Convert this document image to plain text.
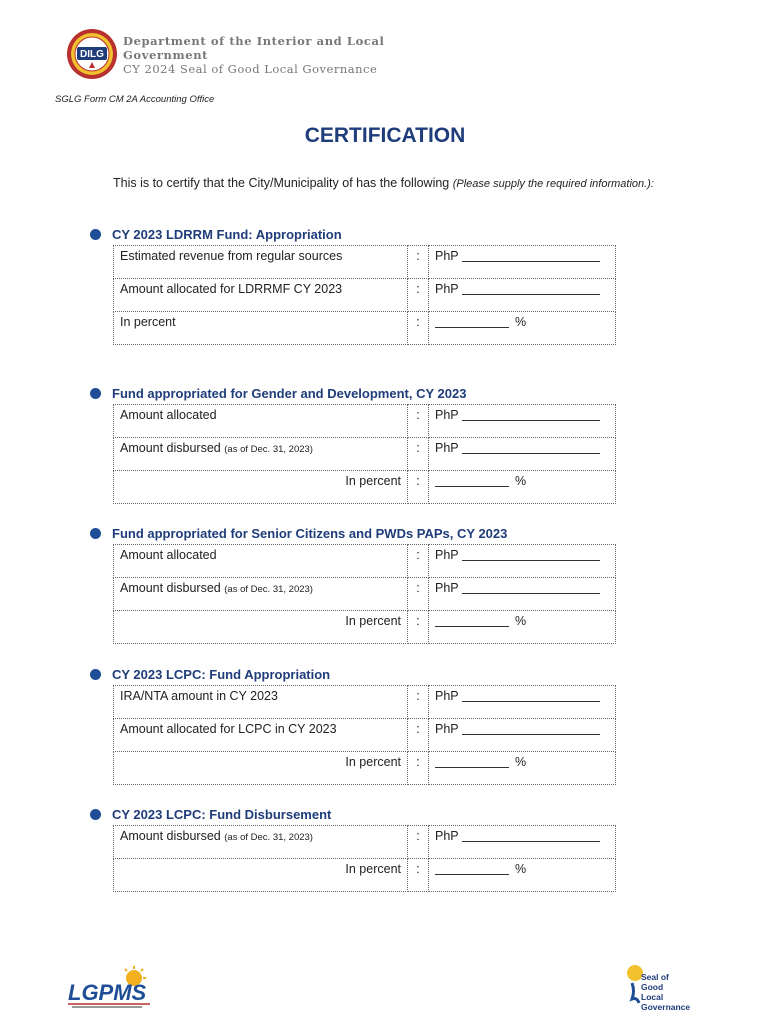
DILG
Department of the Interior and Local
Government
CY 2024 Seal of Good Local Governance
SGLG Form CM 2A Accounting Office
CERTIFICATION
This is to certify that the City/Municipality of has the following (Please supply the required information.):
CY 2023 LDRRM Fund: Appropriation
Estimated revenue from regular sources	:	PhP
Amount allocated for LDRRMF CY 2023	:	PhP
In percent	:	%
Fund appropriated for Gender and Development, CY 2023
Amount allocated	:	PhP
Amount disbursed (as of Dec. 31, 2023)	:	PhP
In percent	:	%
Fund appropriated for Senior Citizens and PWDs PAPs, CY 2023
Amount allocated	:	PhP
Amount disbursed (as of Dec. 31, 2023)	:	PhP
In percent	:	%
CY 2023 LCPC: Fund Appropriation
IRA/NTA amount in CY 2023	:	PhP
Amount allocated for LCPC in CY 2023	:	PhP
In percent	:	%
CY 2023 LCPC: Fund Disbursement
Amount disbursed (as of Dec. 31, 2023)	:	PhP
In percent	:	%
LGPMS
Seal of
Good
Local
Governance
